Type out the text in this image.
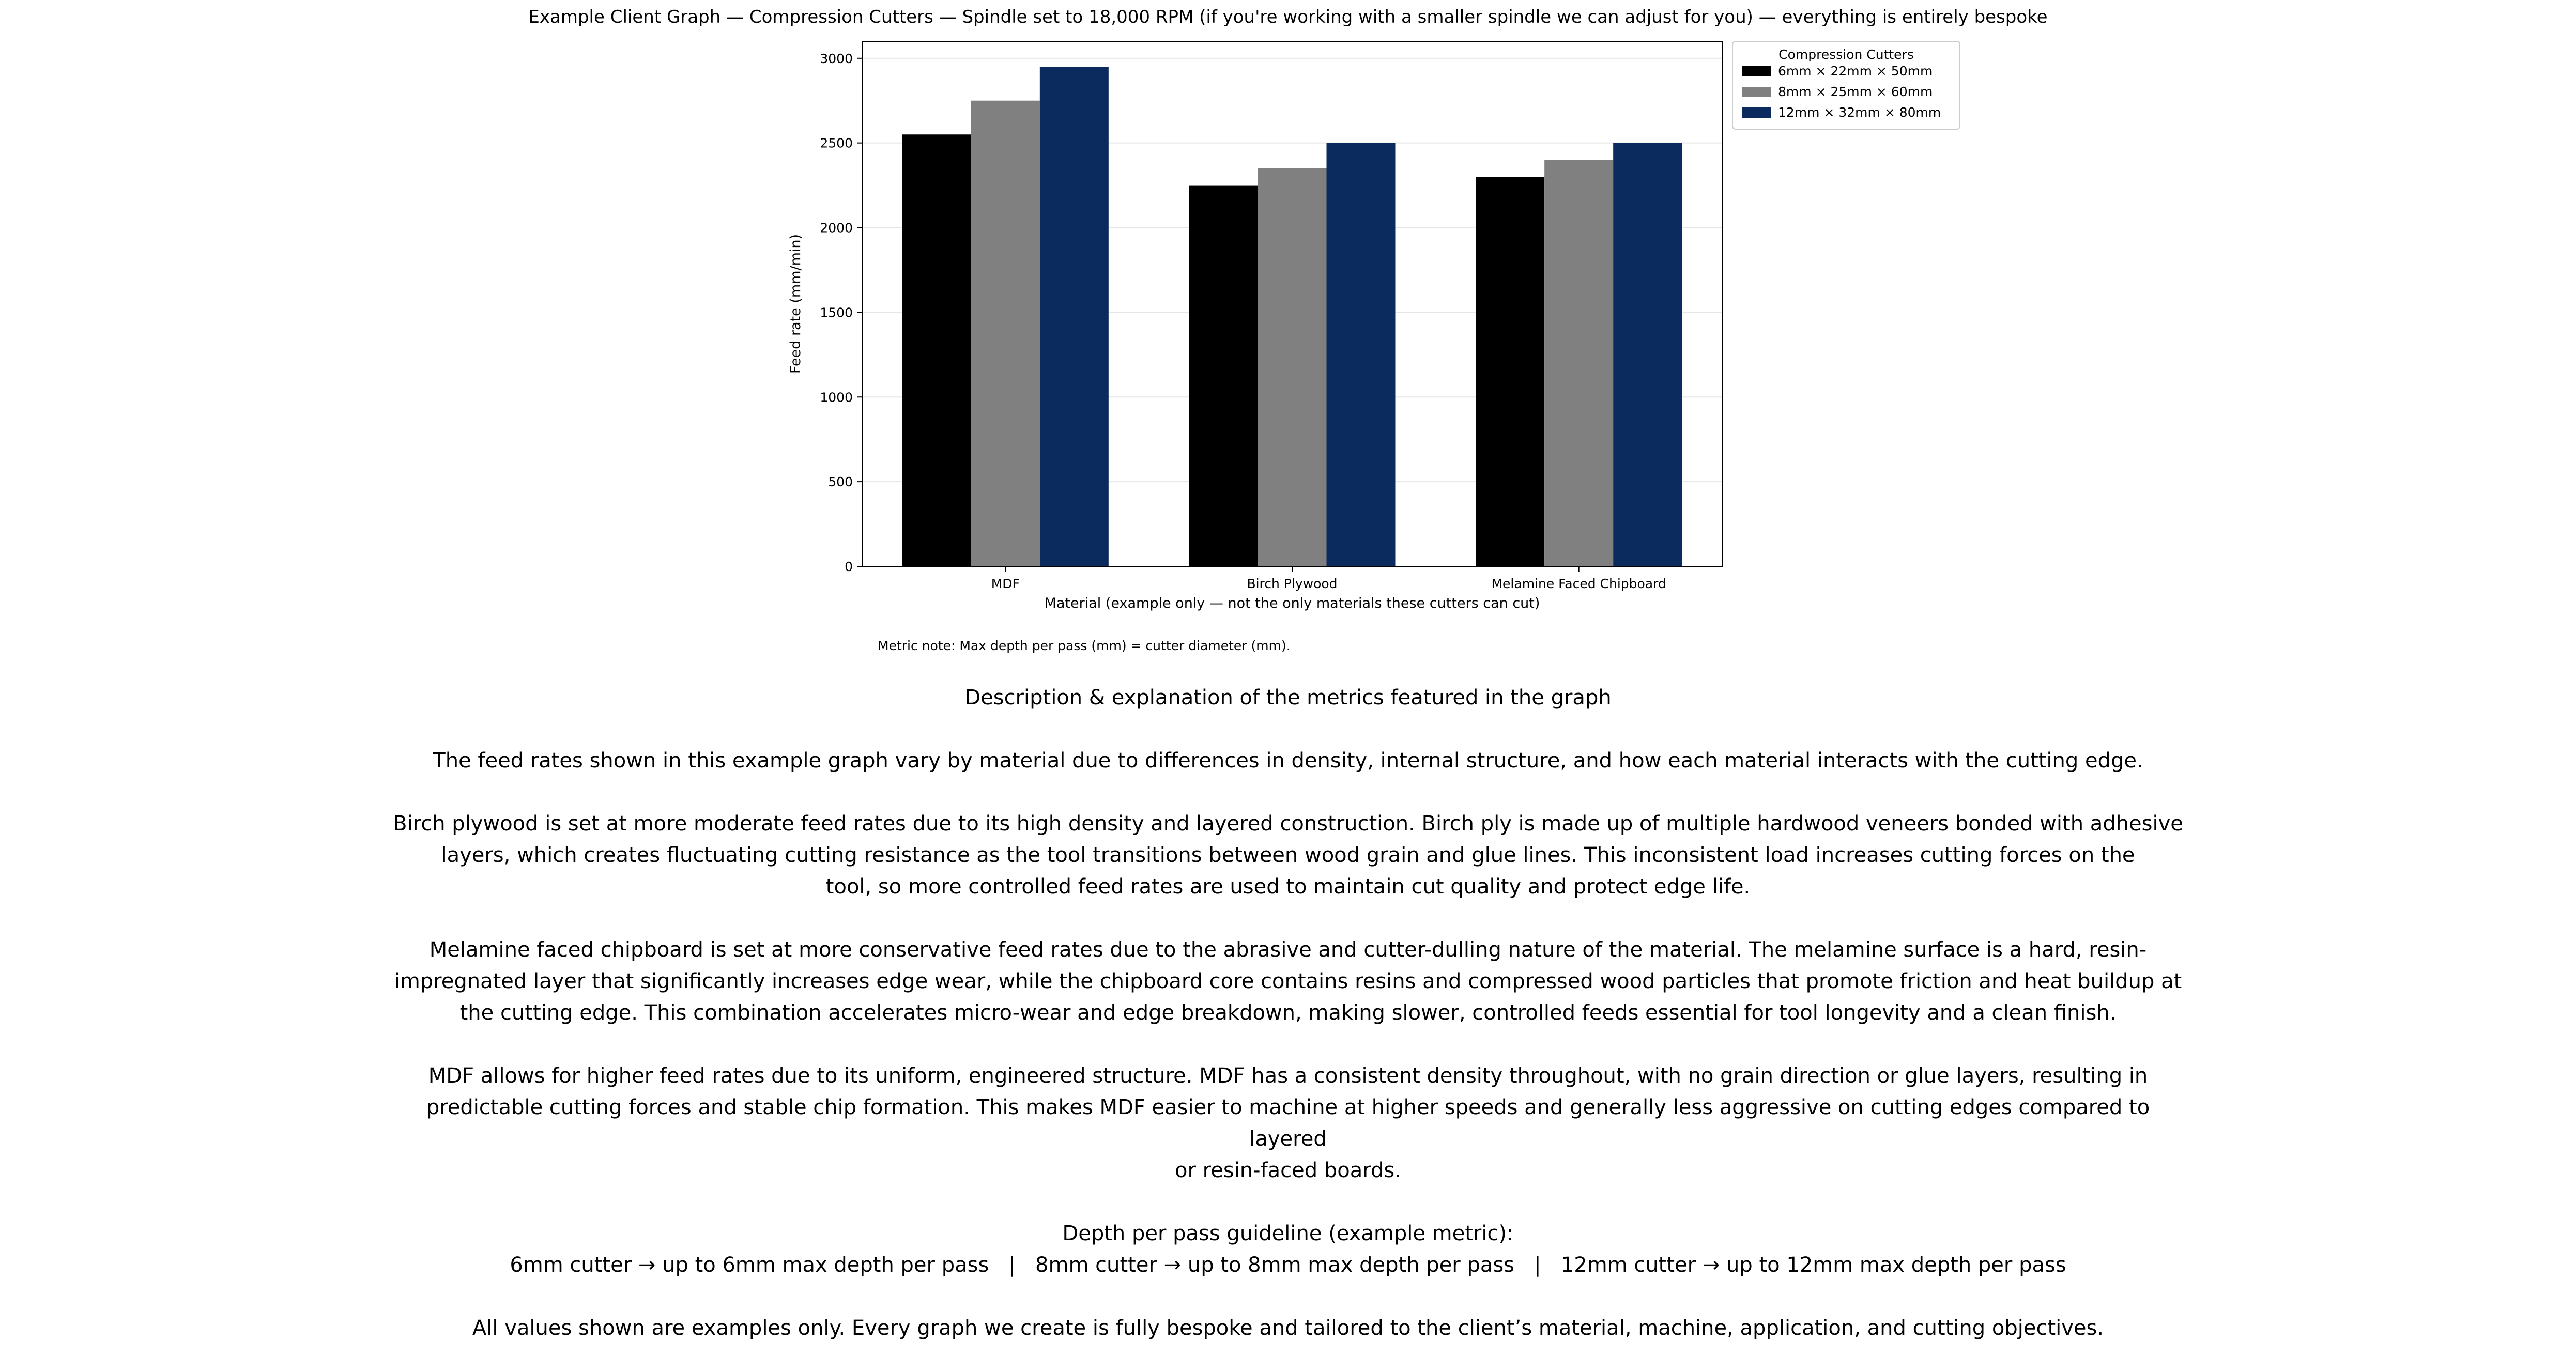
Example Client Graph — Compression Cutters — Spindle set to 18,000 RPM (if you're working with a smaller spindle we can adjust for you) — everything is entirely bespoke
0
500
1000
1500
2000
2500
3000
MDF	Birch Plywood	Melamine Faced Chipboard
Material (example only — not the only materials these cutters can cut)
Feed rate (mm/min)
Compression Cutters
6mm × 22mm × 50mm
8mm × 25mm × 60mm
12mm × 32mm × 80mm
Metric note: Max depth per pass (mm) = cutter diameter (mm).

Description & explanation of the metrics featured in the graph

The feed rates shown in this example graph vary by material due to differences in density, internal structure, and how each material interacts with the cutting edge.

Birch plywood is set at more moderate feed rates due to its high density and layered construction. Birch ply is made up of multiple hardwood veneers bonded with adhesive

layers, which creates fluctuating cutting resistance as the tool transitions between wood grain and glue lines. This inconsistent load increases cutting forces on the

tool, so more controlled feed rates are used to maintain cut quality and protect edge life.

Melamine faced chipboard is set at more conservative feed rates due to the abrasive and cutter-dulling nature of the material. The melamine surface is a hard, resin-

impregnated layer that significantly increases edge wear, while the chipboard core contains resins and compressed wood particles that promote friction and heat buildup at

the cutting edge. This combination accelerates micro-wear and edge breakdown, making slower, controlled feeds essential for tool longevity and a clean finish.

MDF allows for higher feed rates due to its uniform, engineered structure. MDF has a consistent density throughout, with no grain direction or glue layers, resulting in

predictable cutting forces and stable chip formation. This makes MDF easier to machine at higher speeds and generally less aggressive on cutting edges compared to layered

or resin-faced boards.

Depth per pass guideline (example metric):

6mm cutter → up to 6mm max depth per pass   |   8mm cutter → up to 8mm max depth per pass   |   12mm cutter → up to 12mm max depth per pass

All values shown are examples only. Every graph we create is fully bespoke and tailored to the client’s material, machine, application, and cutting objectives.
